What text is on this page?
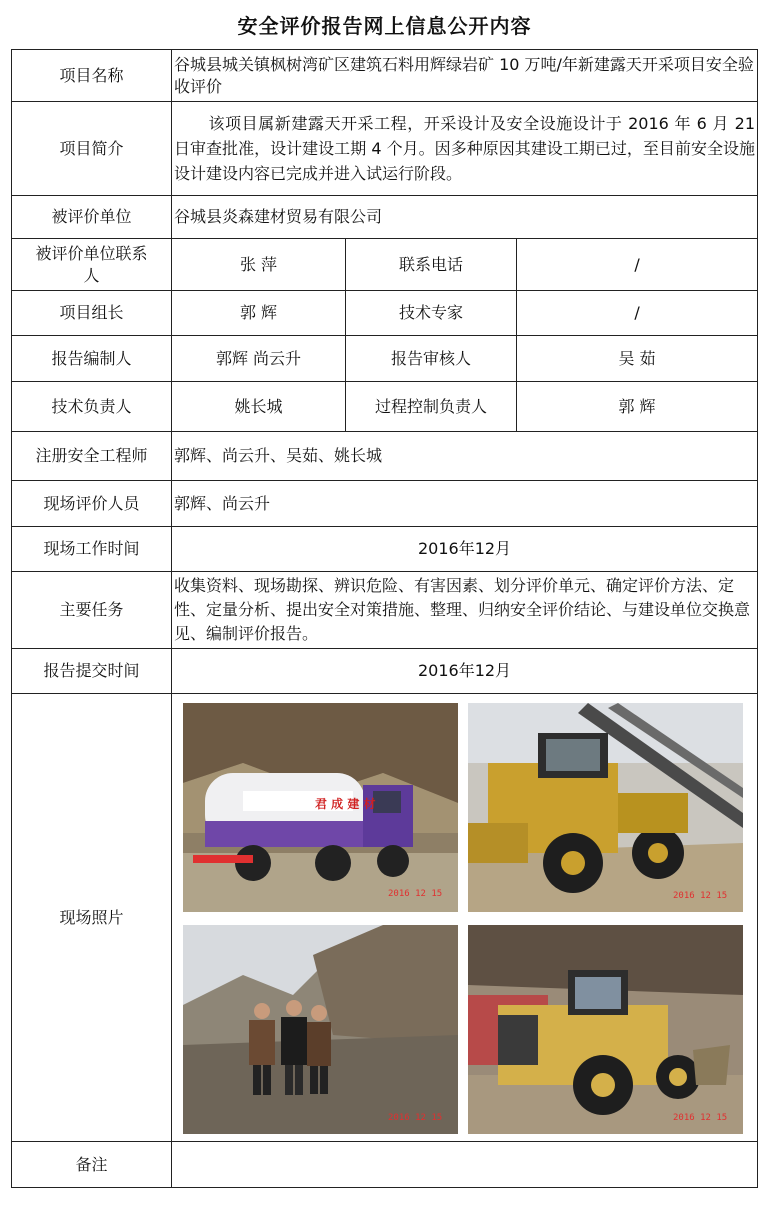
安全评价报告网上信息公开内容
项目名称	谷城县城关镇枫树湾矿区建筑石料用辉绿岩矿 10 万吨/年新建露天开采项目安全验收评价		
项目简介	该项目属新建露天开采工程，开采设计及安全设施设计于 2016 年 6 月 21 日审查批准，设计建设工期 4 个月。因多种原因其建设工期已过，至目前安全设施设计建设内容已完成并进入试运行阶段。		
被评价单位	谷城县炎森建材贸易有限公司		
被评价单位联系人	张 萍	联系电话	/
项目组长	郭 辉	技术专家	/
报告编制人	郭辉 尚云升	报告审核人	吴 茹
技术负责人	姚长城	过程控制负责人	郭 辉
注册安全工程师	郭辉、尚云升、吴茹、姚长城		
现场评价人员	郭辉、尚云升		
现场工作时间	2016年12月		
主要任务	收集资料、现场勘探、辨识危险、有害因素、划分评价单元、确定评价方法、定性、定量分析、提出安全对策措施、整理、归纳安全评价结论、与建设单位交换意见、编制评价报告。		
报告提交时间	2016年12月		
现场照片	君 成 建 材
2016 12 15 2016 12 15
2016 12 15 2016 12 15		

备注			
